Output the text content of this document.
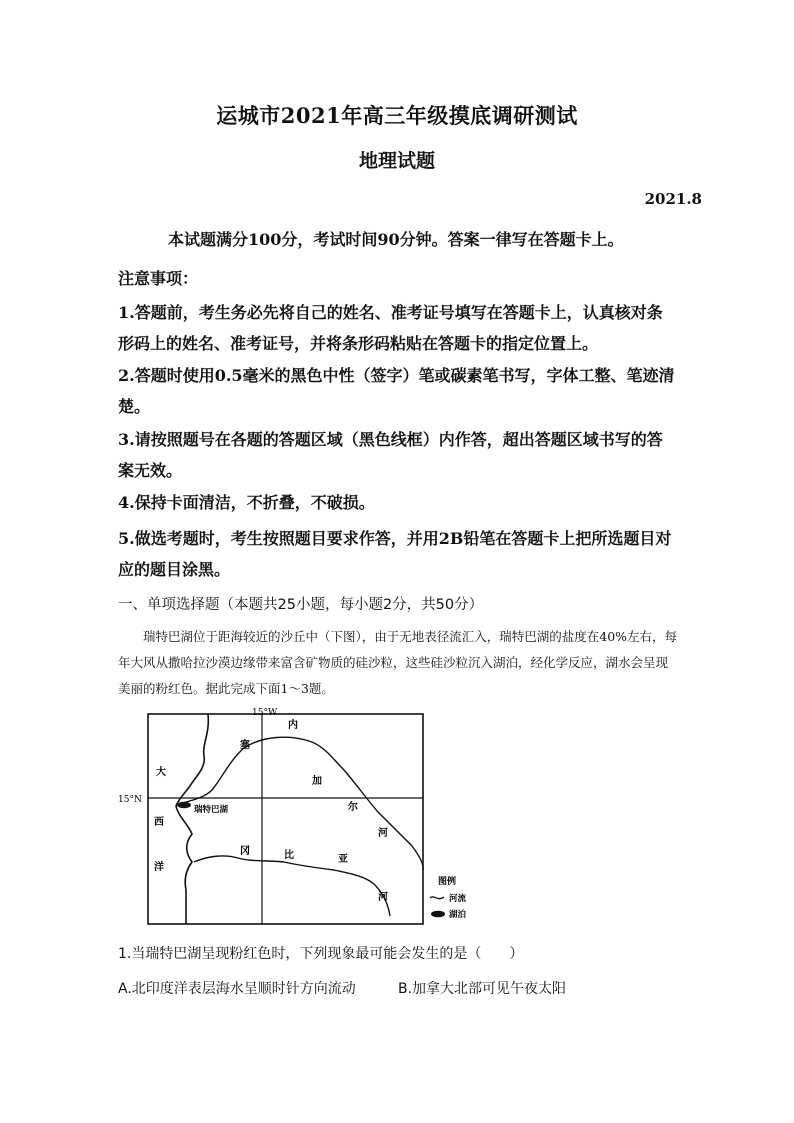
运城市2021年高三年级摸底调研测试
地理试题
2021.8
本试题满分100分，考试时间90分钟。答案一律写在答题卡上。
注意事项：
1.答题前，考生务必先将自己的姓名、准考证号填写在答题卡上，认真核对条形码上的姓名、准考证号，并将条形码粘贴在答题卡的指定位置上。
2.答题时使用0.5毫米的黑色中性（签字）笔或碳素笔书写，字体工整、笔迹清楚。
3.请按照题号在各题的答题区域（黑色线框）内作答，超出答题区域书写的答案无效。
4.保持卡面清洁，不折叠，不破损。
5.做选考题时，考生按照题目要求作答，并用2B铅笔在答题卡上把所选题目对应的题目涂黑。
一、单项选择题（本题共25小题，每小题2分，共50分）
瑞特巴湖位于距海较近的沙丘中（下图），由于无地表径流汇入，瑞特巴湖的盐度在40%左右，每年大风从撒哈拉沙漠边缘带来富含矿物质的硅沙粒，这些硅沙粒沉入湖泊，经化学反应，湖水会呈现美丽的粉红色。据此完成下面1～3题。
15°W
15°N
瑞特巴湖
大
西
洋
塞
内
加
尔
河
冈	比	亚
河
图例
河流
湖泊
1.当瑞特巴湖呈现粉红色时，下列现象最可能会发生的是（　　）
A.北印度洋表层海水呈顺时针方向流动	B.加拿大北部可见午夜太阳
